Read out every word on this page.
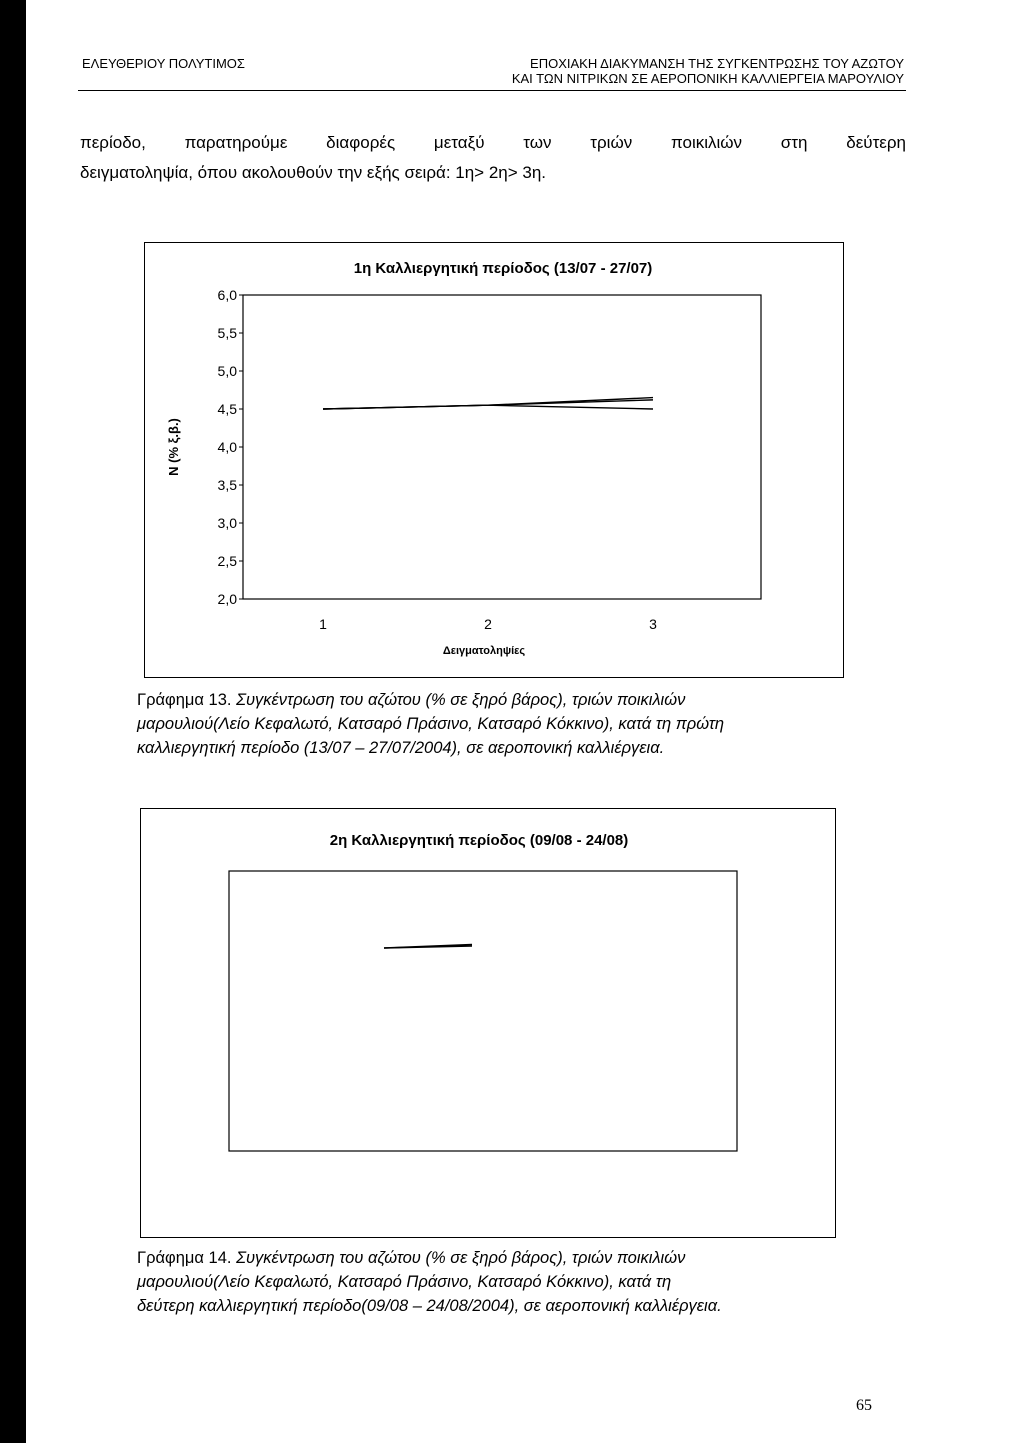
ΕΛΕΥΘΕΡΙΟΥ ΠΟΛΥΤΙΜΟΣ	ΕΠΟΧΙΑΚΗ ΔΙΑΚΥΜΑΝΣΗ ΤΗΣ ΣΥΓΚΕΝΤΡΩΣΗΣ ΤΟΥ ΑΖΩΤΟΥ
ΚΑΙ ΤΩΝ ΝΙΤΡΙΚΩΝ ΣΕ ΑΕΡΟΠΟΝΙΚΗ ΚΑΛΛΙΕΡΓΕΙΑ ΜΑΡΟΥΛΙΟΥ
περίοδο, παρατηρούμε διαφορές μεταξύ των τριών ποικιλιών στη δεύτερη
δειγματοληψία, όπου ακολουθούν την εξής σειρά: 1η> 2η> 3η.
1η Καλλιεργητική περίοδος (13/07 - 27/07)
6,0
5,5
5,0
4,5
4,0
3,5
3,0
2,5
2,0
1	2	3
N (% ξ.β.)
Δειγματοληψίες
Γράφημα 13. Συγκέντρωση του αζώτου (% σε ξηρό βάρος), τριών ποικιλιών
μαρουλιού(Λείο Κεφαλωτό, Κατσαρό Πράσινο, Κατσαρό Κόκκινο), κατά τη πρώτη
καλλιεργητική περίοδο (13/07 – 27/07/2004), σε αεροπονική καλλιέργεια.
2η Καλλιεργητική περίοδος (09/08 - 24/08)
Γράφημα 14. Συγκέντρωση του αζώτου (% σε ξηρό βάρος), τριών ποικιλιών
μαρουλιού(Λείο Κεφαλωτό, Κατσαρό Πράσινο, Κατσαρό Κόκκινο), κατά τη
δεύτερη καλλιεργητική περίοδο(09/08 – 24/08/2004), σε αεροπονική καλλιέργεια.
65
